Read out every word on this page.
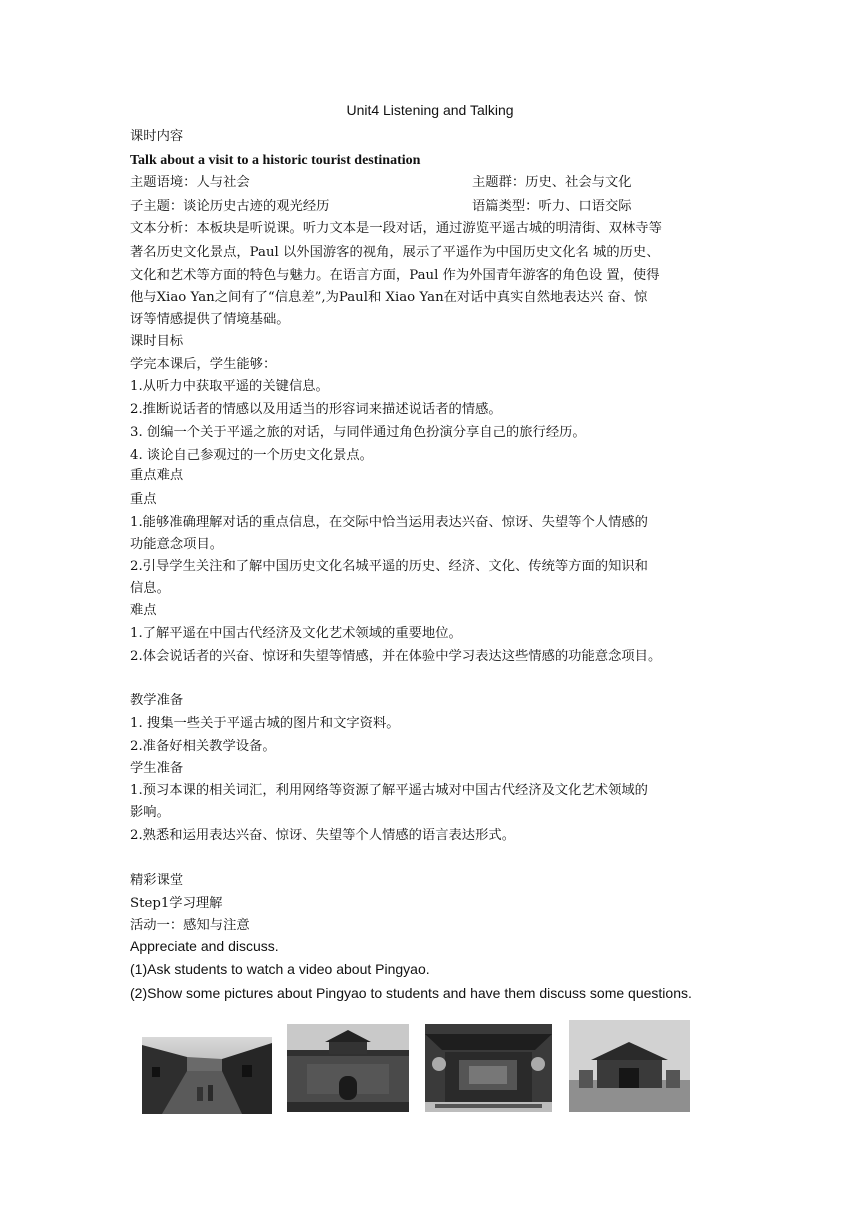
Unit4 Listening and Talking
课时内容
Talk about a visit to a historic tourist destination
主题语境：人与社会	主题群：历史、社会与文化
子主题：谈论历史古迹的观光经历	语篇类型：听力、口语交际
文本分析：本板块是听说课。听力文本是一段对话，通过游览平遥古城的明清街、双林寺等
著名历史文化景点，Paul 以外国游客的视角，展示了平遥作为中国历史文化名 城的历史、
文化和艺术等方面的特色与魅力。在语言方面，Paul 作为外国青年游客的角色设 置，使得
他与Xiao Yan之间有了“信息差”,为Paul和 Xiao Yan在对话中真实自然地表达兴 奋、惊
讶等情感提供了情境基础。
课时目标
学完本课后，学生能够：
1.从听力中获取平遥的关键信息。
2.推断说话者的情感以及用适当的形容词来描述说话者的情感。
3. 创编一个关于平遥之旅的对话，与同伴通过角色扮演分享自己的旅行经历。
4. 谈论自己参观过的一个历史文化景点。
重点难点
重点
1.能够准确理解对话的重点信息，在交际中恰当运用表达兴奋、惊讶、失望等个人情感的
功能意念项目。
2.引导学生关注和了解中国历史文化名城平遥的历史、经济、文化、传统等方面的知识和
信息。
难点
1.了解平遥在中国古代经济及文化艺术领域的重要地位。
2.体会说话者的兴奋、惊讶和失望等情感，并在体验中学习表达这些情感的功能意念项目。
教学准备
1. 搜集一些关于平遥古城的图片和文字资料。
2.准备好相关教学设备。
学生准备
1.预习本课的相关词汇，利用网络等资源了解平遥古城对中国古代经济及文化艺术领域的
影响。
2.熟悉和运用表达兴奋、惊讶、失望等个人情感的语言表达形式。
精彩课堂
Step1学习理解
活动一：感知与注意
Appreciate and discuss.
(1)Ask students to watch a video about Pingyao.
(2)Show some pictures about Pingyao to students and have them discuss some questions.
